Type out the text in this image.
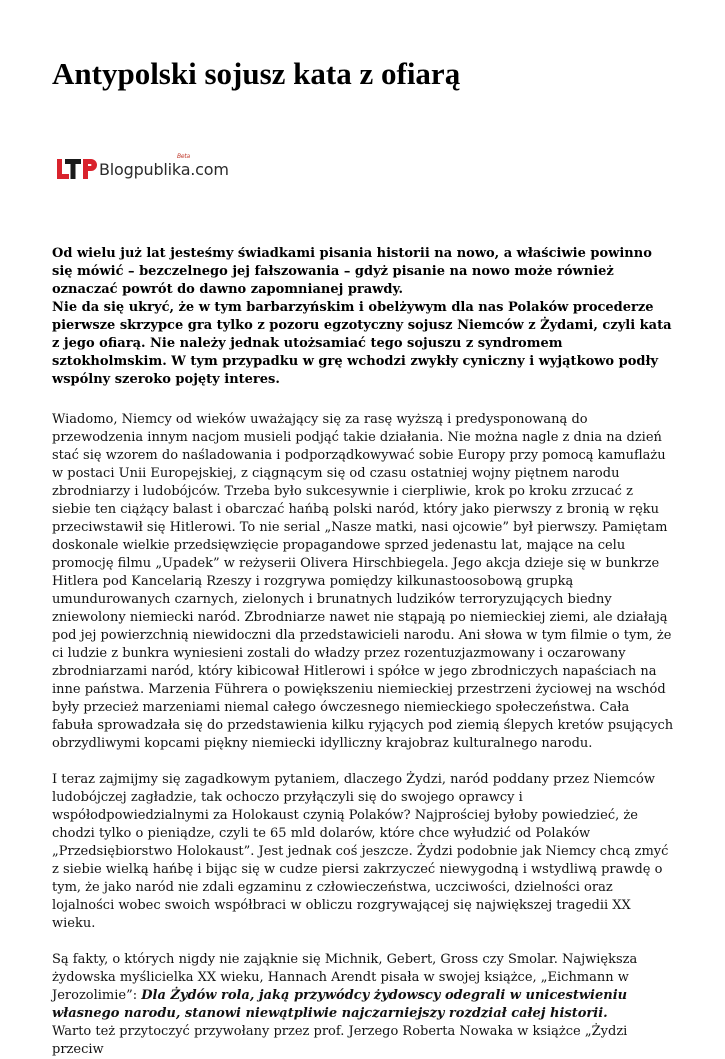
Antypolski sojusz kata z ofiarą
Blogpublika.com
Beta

Od wielu już lat jesteśmy świadkami pisania historii na nowo, a właściwie powinno się mówić – bezczelnego jej fałszowania – gdyż pisanie na nowo może również oznaczać powrót do dawno zapomnianej prawdy.

Nie da się ukryć, że w tym barbarzyńskim i obelżywym dla nas Polaków procederze pierwsze skrzypce gra tylko z pozoru egzotyczny sojusz Niemców z Żydami, czyli kata z jego ofiarą. Nie należy jednak utożsamiać tego sojuszu z syndromem sztokholmskim. W tym przypadku w grę wchodzi zwykły cyniczny i wyjątkowo podły wspólny szeroko pojęty interes.

Wiadomo, Niemcy od wieków uważający się za rasę wyższą i predysponowaną do przewodzenia innym nacjom musieli podjąć takie działania. Nie można nagle z dnia na dzień stać się wzorem do naśladowania i podporządkowywać sobie Europy przy pomocą kamuflażu w postaci Unii Europejskiej, z ciągnącym się od czasu ostatniej wojny piętnem narodu zbrodniarzy i ludobójców. Trzeba było sukcesywnie i cierpliwie, krok po kroku zrzucać z siebie ten ciążący balast i obarczać hańbą polski naród, który jako pierwszy z bronią w ręku przeciwstawił się Hitlerowi. To nie serial „Nasze matki, nasi ojcowie” był pierwszy. Pamiętam doskonale wielkie przedsięwzięcie propagandowe sprzed jedenastu lat, mające na celu promocję filmu „Upadek” w reżyserii Olivera Hirschbiegela. Jego akcja dzieje się w bunkrze Hitlera pod Kancelarią Rzeszy i rozgrywa pomiędzy kilkunastoosobową grupką umundurowanych czarnych, zielonych i brunatnych ludzików terroryzujących biedny zniewolony niemiecki naród. Zbrodniarze nawet nie stąpają po niemieckiej ziemi, ale działają pod jej powierzchnią niewidoczni dla przedstawicieli narodu. Ani słowa w tym filmie o tym, że ci ludzie z bunkra wyniesieni zostali do władzy przez rozentuzjazmowany i oczarowany zbrodniarzami naród, który kibicował Hitlerowi i spółce w jego zbrodniczych napaściach na inne państwa. Marzenia Führera o powiększeniu niemieckiej przestrzeni życiowej na wschód były przecież marzeniami niemal całego ówczesnego niemieckiego społeczeństwa. Cała fabuła sprowadzała się do przedstawienia kilku ryjących pod ziemią ślepych kretów psujących obrzydliwymi kopcami piękny niemiecki idylliczny krajobraz kulturalnego narodu.

I teraz zajmijmy się zagadkowym pytaniem, dlaczego Żydzi, naród poddany przez Niemców ludobójczej zagładzie, tak ochoczo przyłączyli się do swojego oprawcy i współodpowiedzialnymi za Holokaust czynią Polaków? Najprościej byłoby powiedzieć, że chodzi tylko o pieniądze, czyli te 65 mld dolarów, które chce wyłudzić od Polaków „Przedsiębiorstwo Holokaust”. Jest jednak coś jeszcze. Żydzi podobnie jak Niemcy chcą zmyć z siebie wielką hańbę i bijąc się w cudze piersi zakrzyczeć niewygodną i wstydliwą prawdę o tym, że jako naród nie zdali egzaminu z człowieczeństwa, uczciwości, dzielności oraz lojalności wobec swoich współbraci w obliczu rozgrywającej się największej tragedii XX wieku.

Są fakty, o których nigdy nie zająknie się Michnik, Gebert, Gross czy Smolar. Największa żydowska myślicielka XX wieku, Hannach Arendt pisała w swojej książce, „Eichmann w Jerozolimie”: Dla Żydów rola, jaką przywódcy żydowscy odegrali w unicestwieniu własnego narodu, stanowi niewątpliwie najczarniejszy rozdział całej historii.

Warto też przytoczyć przywołany przez prof. Jerzego Roberta Nowaka w książce „Żydzi przeciw
